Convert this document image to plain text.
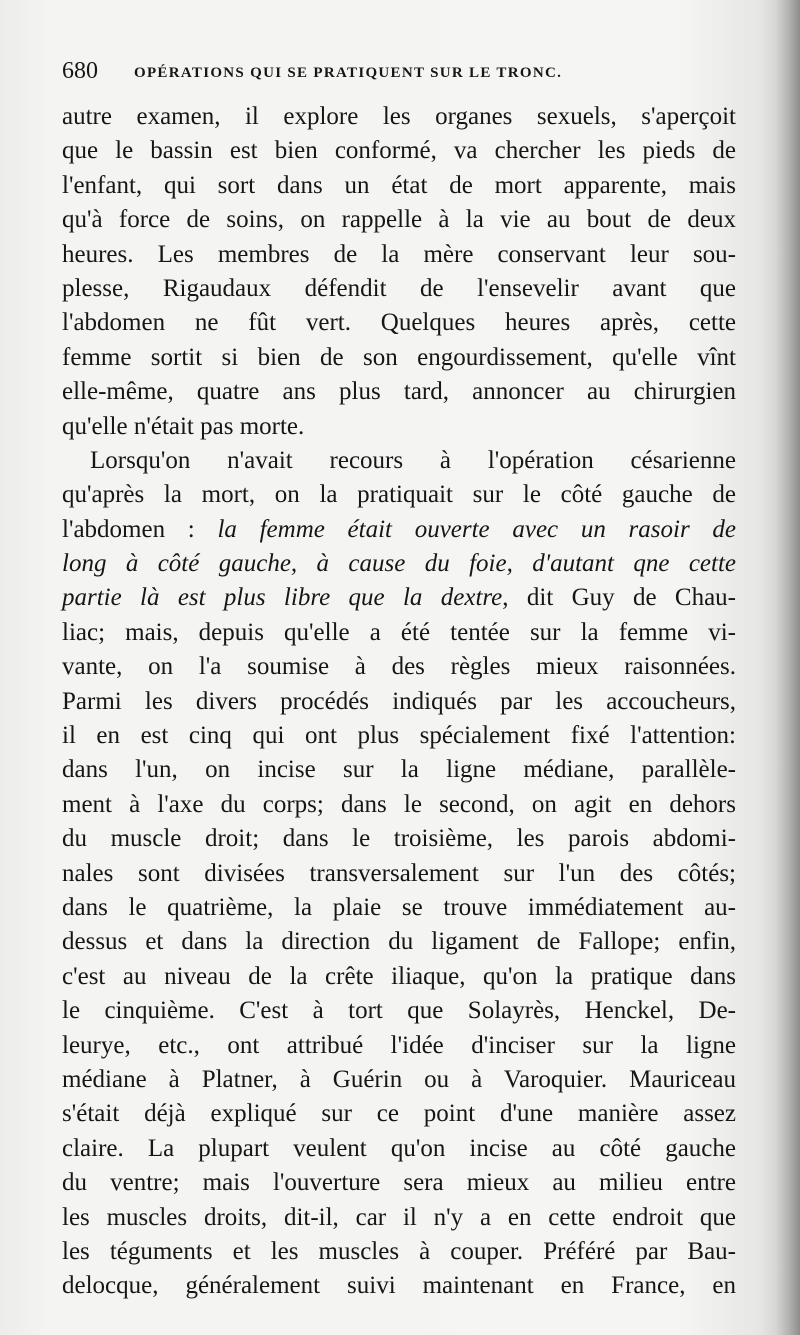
680 OPÉRATIONS QUI SE PRATIQUENT SUR LE TRONC.
autre examen, il explore les organes sexuels, s'aperçoit
que le bassin est bien conformé, va chercher les pieds de
l'enfant, qui sort dans un état de mort apparente, mais
qu'à force de soins, on rappelle à la vie au bout de deux
heures. Les membres de la mère conservant leur sou-
plesse, Rigaudaux défendit de l'ensevelir avant que
l'abdomen ne fût vert. Quelques heures après, cette
femme sortit si bien de son engourdissement, qu'elle vînt
elle-même, quatre ans plus tard, annoncer au chirurgien
qu'elle n'était pas morte.
Lorsqu'on n'avait recours à l'opération césarienne
qu'après la mort, on la pratiquait sur le côté gauche de
l'abdomen : la femme était ouverte avec un rasoir de
long à côté gauche, à cause du foie, d'autant qne cette
partie là est plus libre que la dextre, dit Guy de Chau-
liac; mais, depuis qu'elle a été tentée sur la femme vi-
vante, on l'a soumise à des règles mieux raisonnées.
Parmi les divers procédés indiqués par les accoucheurs,
il en est cinq qui ont plus spécialement fixé l'attention:
dans l'un, on incise sur la ligne médiane, parallèle-
ment à l'axe du corps; dans le second, on agit en dehors
du muscle droit; dans le troisième, les parois abdomi-
nales sont divisées transversalement sur l'un des côtés;
dans le quatrième, la plaie se trouve immédiatement au-
dessus et dans la direction du ligament de Fallope; enfin,
c'est au niveau de la crête iliaque, qu'on la pratique dans
le cinquième. C'est à tort que Solayrès, Henckel, De-
leurye, etc., ont attribué l'idée d'inciser sur la ligne
médiane à Platner, à Guérin ou à Varoquier. Mauriceau
s'était déjà expliqué sur ce point d'une manière assez
claire. La plupart veulent qu'on incise au côté gauche
du ventre; mais l'ouverture sera mieux au milieu entre
les muscles droits, dit-il, car il n'y a en cette endroit que
les téguments et les muscles à couper. Préféré par Bau-
delocque, généralement suivi maintenant en France, en
